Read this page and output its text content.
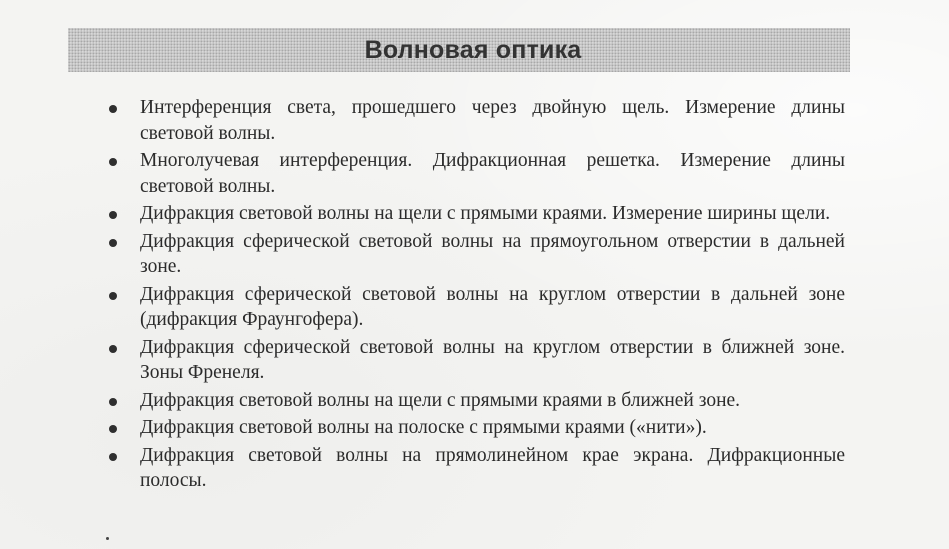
Волновая оптика
Интерференция света, прошедшего через двойную щель. Измерение длины световой волны.
Многолучевая интерференция. Дифракционная решетка. Измерение длины световой волны.
Дифракция световой волны на щели с прямыми краями. Измерение ширины щели.
Дифракция сферической световой волны на прямоугольном отверстии в дальней зоне.
Дифракция сферической световой волны на круглом отверстии в дальней зоне (дифракция Фраунгофера).
Дифракция сферической световой волны на круглом отверстии в ближней зоне. Зоны Френеля.
Дифракция световой волны на щели с прямыми краями в ближней зоне.
Дифракция световой волны на полоске с прямыми краями («нити»).
Дифракция световой волны на прямолинейном крае экрана. Дифракционные полосы.
